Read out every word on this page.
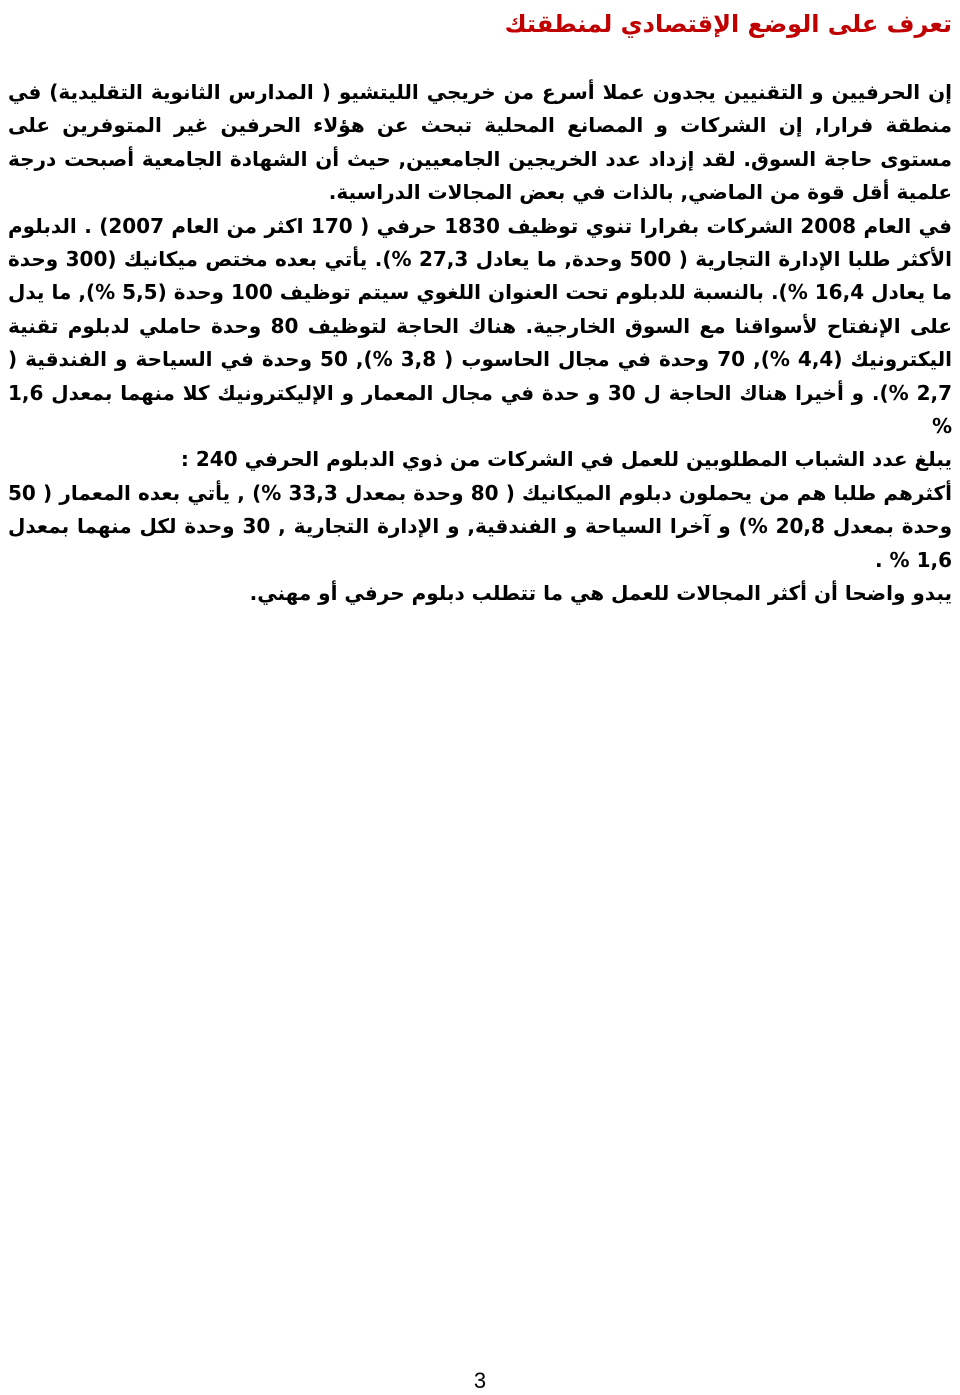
تعرف على الوضع الإقتصادي لمنطقتك

إن الحرفيين و التقنيين يجدون عملا أسرع من خريجي الليتشيو ( المدارس الثانوية التقليدية) في منطقة فرارا, إن الشركات و المصانع المحلية تبحث عن هؤلاء الحرفين غير المتوفرين على مستوى حاجة السوق. لقد إزداد عدد الخريجين الجامعيين, حيث أن الشهادة الجامعية أصبحت درجة علمية أقل قوة من الماضي, بالذات في بعض المجالات الدراسية.

في العام 2008 الشركات بفرارا تنوي توظيف 1830 حرفي ( 170 اكثر من العام 2007) . الدبلوم الأكثر طلبا الإدارة التجارية ( 500 وحدة, ما يعادل 27,3 %). يأتي بعده مختص ميكانيك (300 وحدة ما يعادل 16,4 %). بالنسبة للدبلوم تحت العنوان اللغوي سيتم توظيف 100 وحدة (5,5 %), ما يدل على الإنفتاح لأسواقنا مع السوق الخارجية. هناك الحاجة لتوظيف 80 وحدة حاملي لدبلوم تقنية اليكترونيك (4,4 %), 70 وحدة في مجال الحاسوب ( 3,8 %), 50 وحدة في السياحة و الفندقية ( 2,7 %). و أخيرا هناك الحاجة ل 30 و حدة في مجال المعمار و الإليكترونيك كلا منهما بمعدل 1,6 %

يبلغ عدد الشباب المطلوبين للعمل في الشركات من ذوي الدبلوم الحرفي 240 :

أكثرهم طلبا هم من يحملون دبلوم الميكانيك ( 80 وحدة بمعدل 33,3 %) , يأتي بعده المعمار ( 50 وحدة بمعدل 20,8 %) و آخرا السياحة و الفندقية, و الإدارة التجارية , 30 وحدة لكل منهما بمعدل 1,6 % .

يبدو واضحا أن أكثر المجالات للعمل هي ما تتطلب دبلوم حرفي أو مهني.

3
